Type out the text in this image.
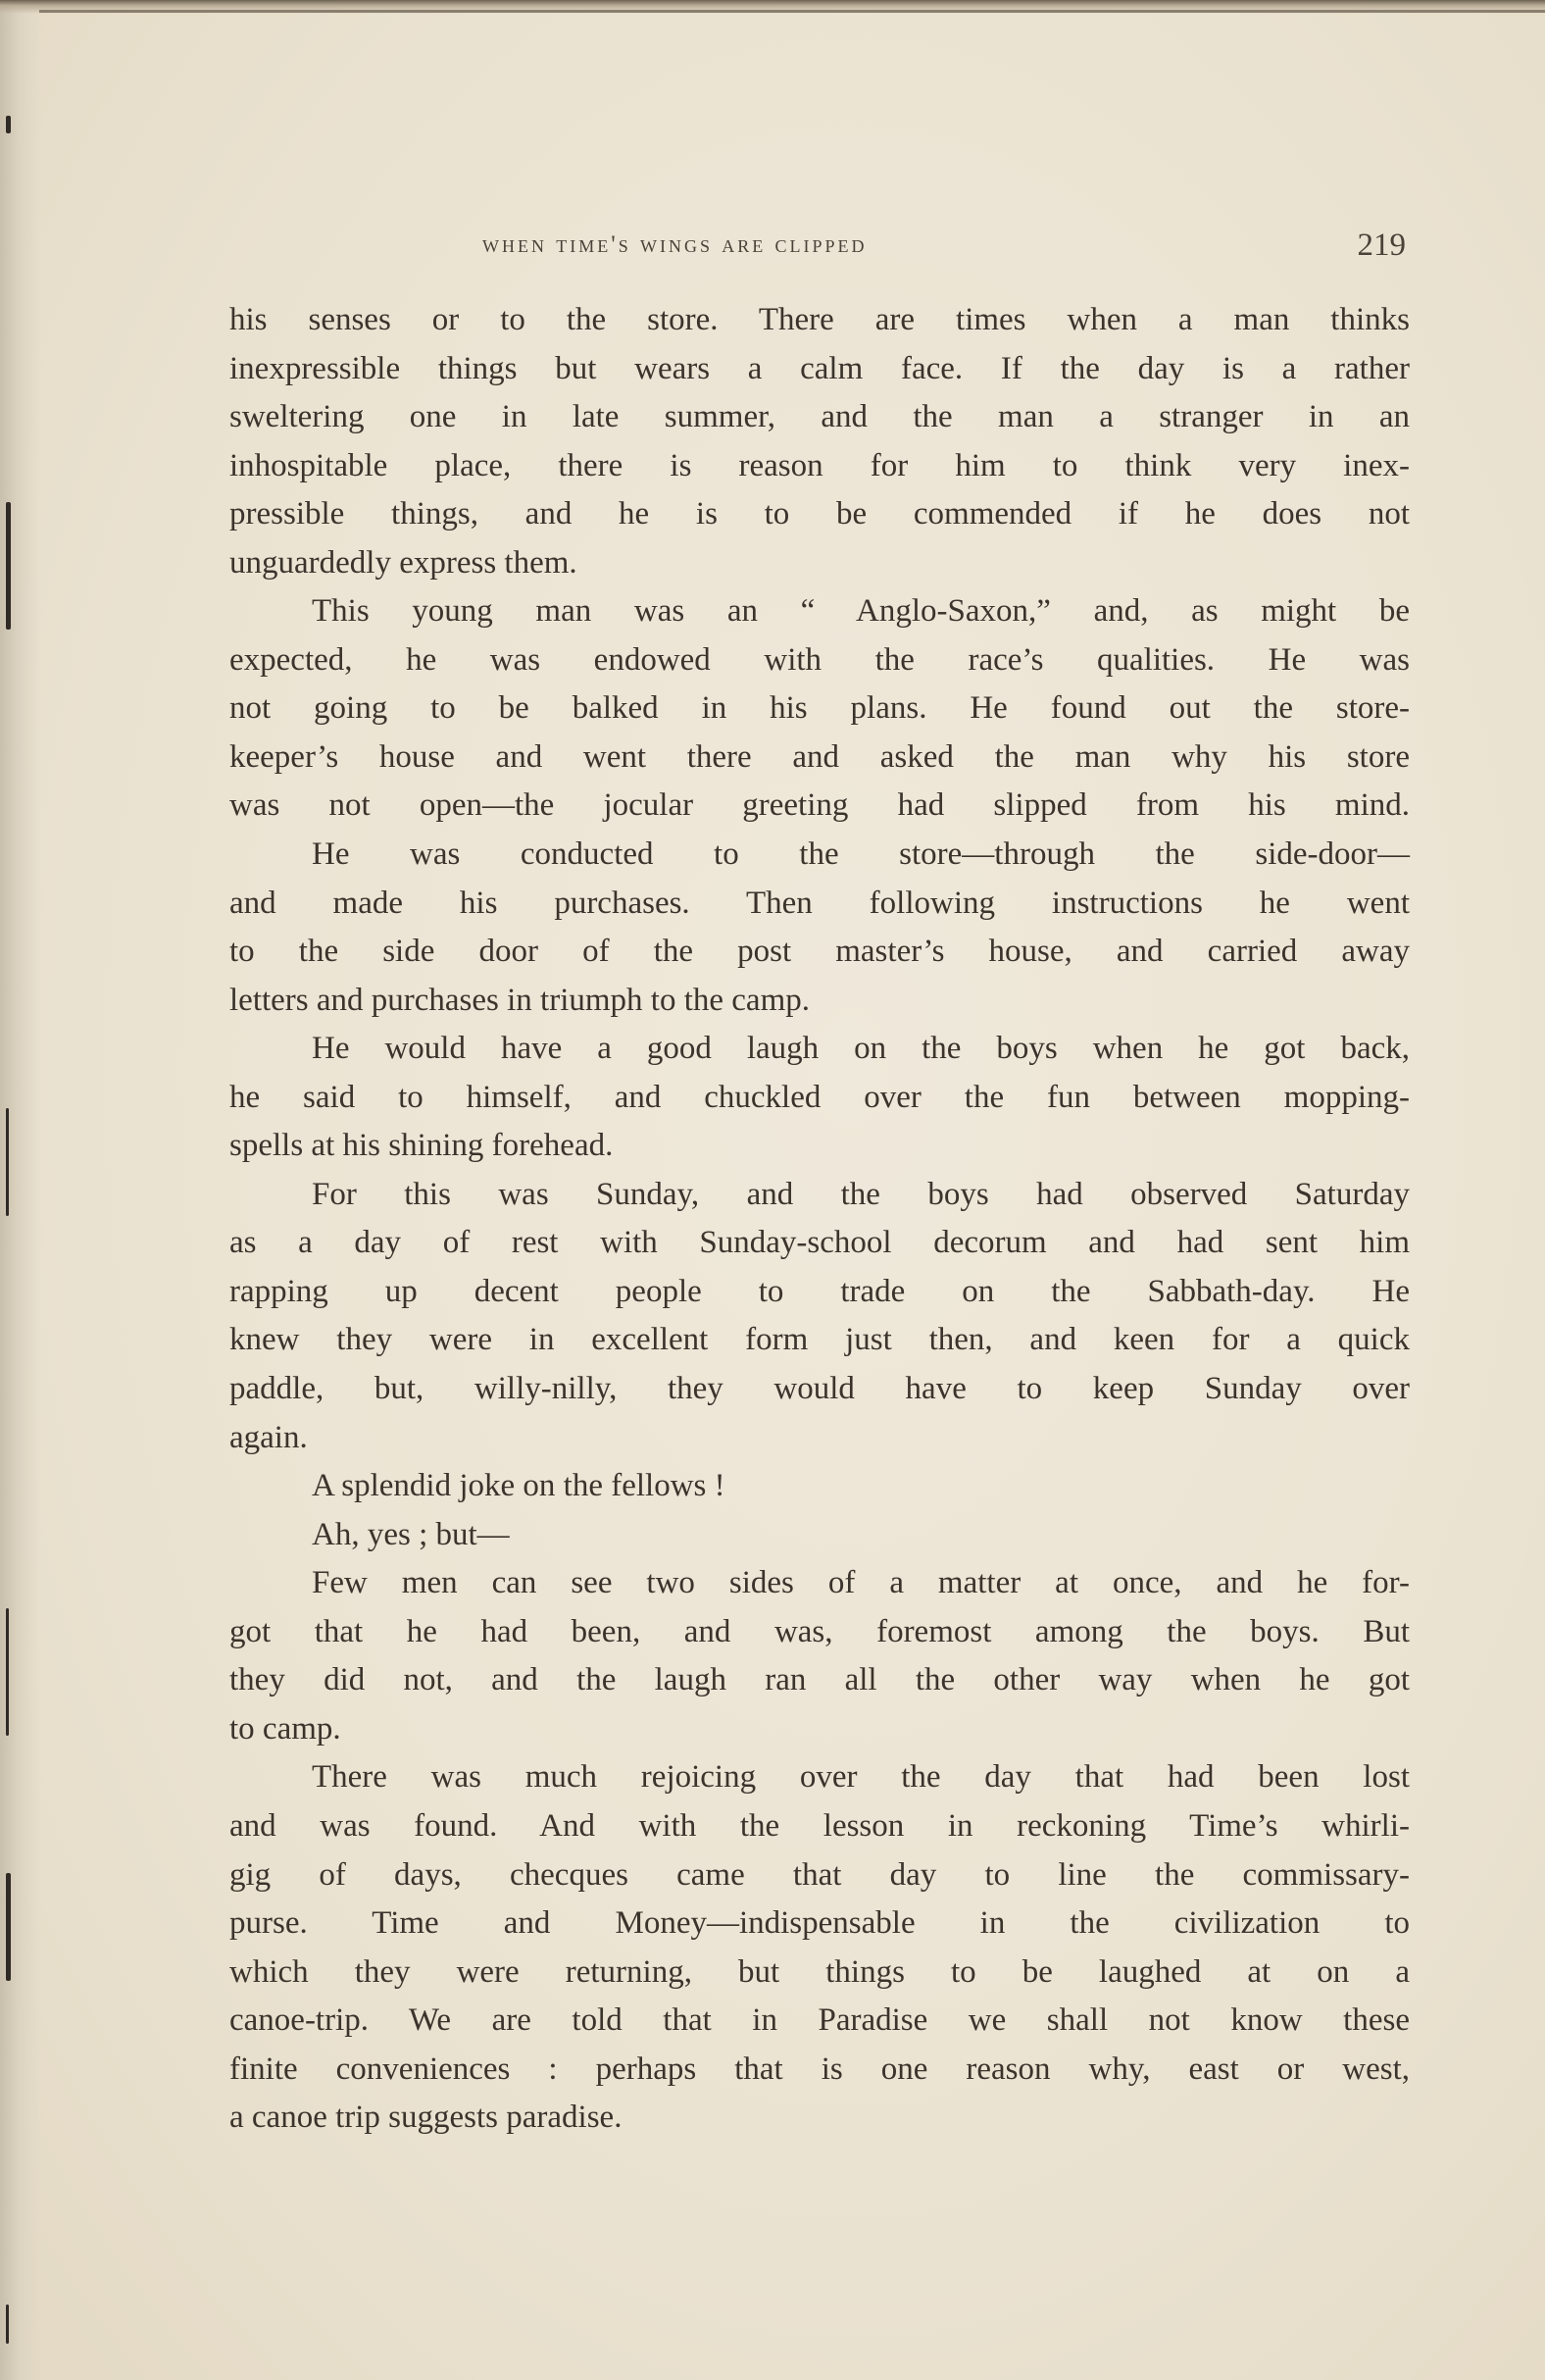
when time's wings are clipped	219
his senses or to the store. There are times when a man thinks
inexpressible things but wears a calm face. If the day is a rather
sweltering one in late summer, and the man a stranger in an
inhospitable place, there is reason for him to think very inex-
pressible things, and he is to be commended if he does not
unguardedly express them.
This young man was an “ Anglo-Saxon,” and, as might be
expected, he was endowed with the race’s qualities. He was
not going to be balked in his plans. He found out the store-
keeper’s house and went there and asked the man why his store
was not open—the jocular greeting had slipped from his mind.
He was conducted to the store—through the side-door—
and made his purchases. Then following instructions he went
to the side door of the post master’s house, and carried away
letters and purchases in triumph to the camp.
He would have a good laugh on the boys when he got back,
he said to himself, and chuckled over the fun between mopping-
spells at his shining forehead.
For this was Sunday, and the boys had observed Saturday
as a day of rest with Sunday-school decorum and had sent him
rapping up decent people to trade on the Sabbath-day. He
knew they were in excellent form just then, and keen for a quick
paddle, but, willy-nilly, they would have to keep Sunday over
again.
A splendid joke on the fellows !
Ah, yes ; but—
Few men can see two sides of a matter at once, and he for-
got that he had been, and was, foremost among the boys. But
they did not, and the laugh ran all the other way when he got
to camp.
There was much rejoicing over the day that had been lost
and was found. And with the lesson in reckoning Time’s whirli-
gig of days, checques came that day to line the commissary-
purse. Time and Money—indispensable in the civilization to
which they were returning, but things to be laughed at on a
canoe-trip. We are told that in Paradise we shall not know these
finite conveniences : perhaps that is one reason why, east or west,
a canoe trip suggests paradise.
